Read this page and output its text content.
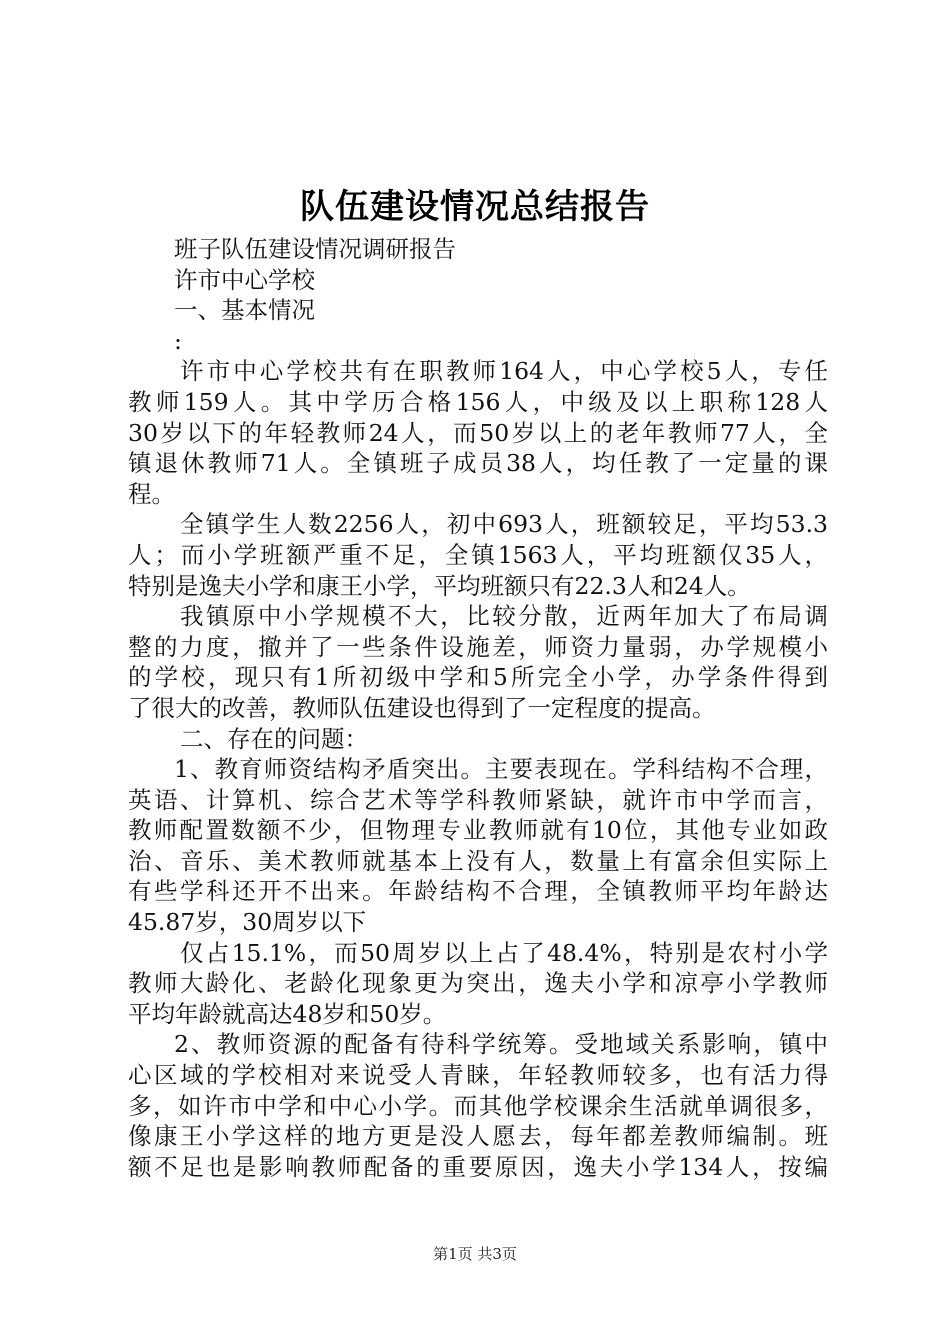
队伍建设情况总结报告
班子队伍建设情况调研报告
许市中心学校
一、基本情况
:
许市中心学校共有在职教师164人，中心学校5人，专任
教师159人。其中学历合格156人，中级及以上职称128人
30岁以下的年轻教师24人，而50岁以上的老年教师77人，全
镇退休教师71人。全镇班子成员38人，均任教了一定量的课
程。
全镇学生人数2256人，初中693人，班额较足，平均53.3
人；而小学班额严重不足，全镇1563人，平均班额仅35人，
特别是逸夫小学和康王小学，平均班额只有22.3人和24人。
我镇原中小学规模不大，比较分散，近两年加大了布局调
整的力度，撤并了一些条件设施差，师资力量弱，办学规模小
的学校，现只有1所初级中学和5所完全小学，办学条件得到
了很大的改善，教师队伍建设也得到了一定程度的提高。
二、存在的问题：
1、教育师资结构矛盾突出。主要表现在。学科结构不合理，
英语、计算机、综合艺术等学科教师紧缺，就许市中学而言，
教师配置数额不少，但物理专业教师就有10位，其他专业如政
治、音乐、美术教师就基本上没有人，数量上有富余但实际上
有些学科还开不出来。年龄结构不合理，全镇教师平均年龄达
45.87岁，30周岁以下
仅占15.1%，而50周岁以上占了48.4%，特别是农村小学
教师大龄化、老龄化现象更为突出，逸夫小学和凉亭小学教师
平均年龄就高达48岁和50岁。
2、教师资源的配备有待科学统筹。受地域关系影响，镇中
心区域的学校相对来说受人青睐，年轻教师较多，也有活力得
多，如许市中学和中心小学。而其他学校课余生活就单调很多，
像康王小学这样的地方更是没人愿去，每年都差教师编制。班
额不足也是影响教师配备的重要原因，逸夫小学134人，按编
第1页 共3页
